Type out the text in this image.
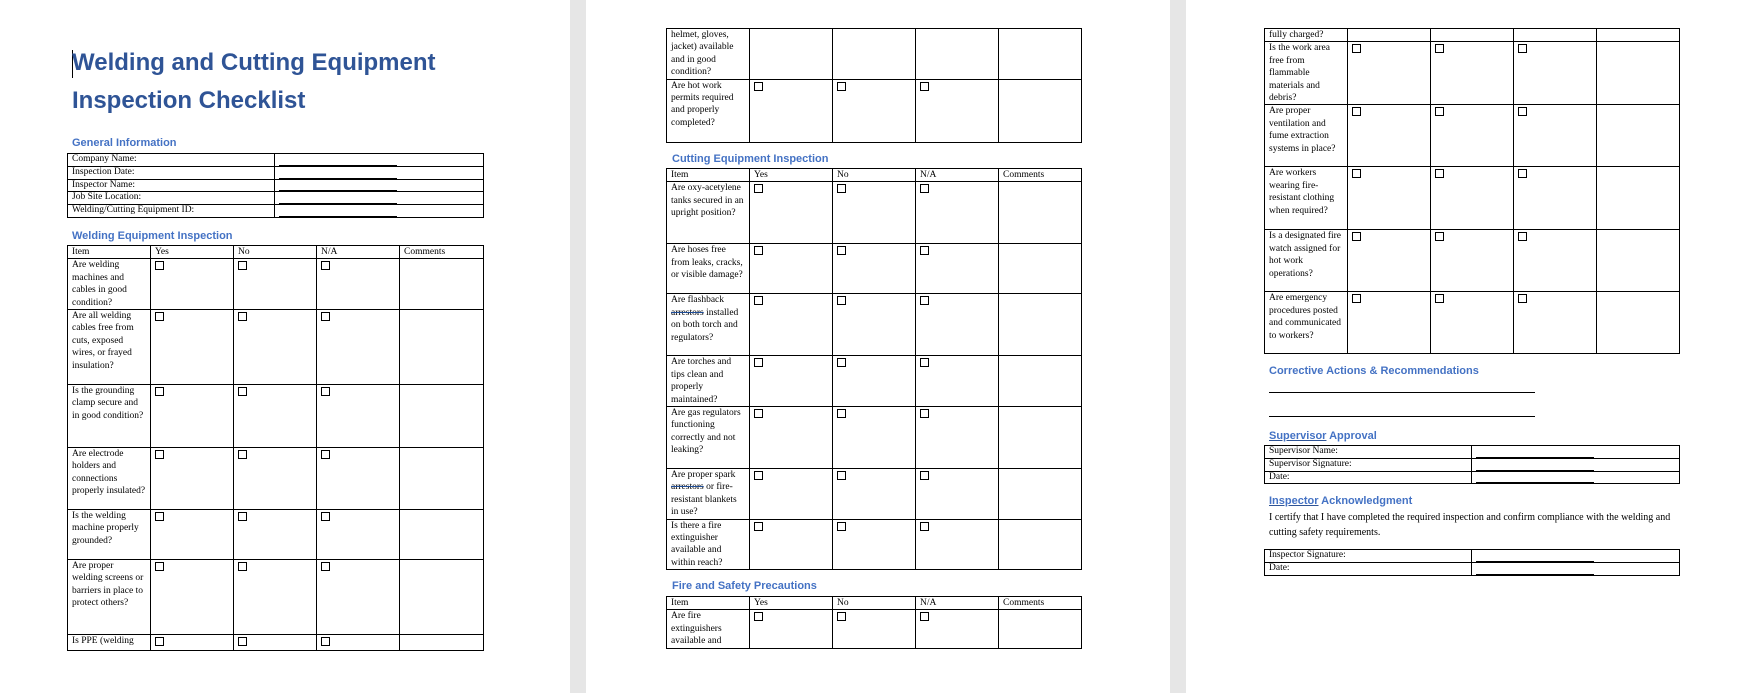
Welding and Cutting Equipment
Inspection Checklist
General Information
Company Name:	
Inspection Date:	
Inspector Name:	
Job Site Location:	
Welding/Cutting Equipment ID:	
Welding Equipment Inspection
Item	Yes	No	N/A	Comments
Are welding machines and cables in good condition?				
Are all welding cables free from cuts, exposed wires, or frayed insulation?				
Is the grounding clamp secure and in good condition?				
Are electrode holders and connections properly insulated?				
Is the welding machine properly grounded?				
Are proper welding screens or barriers in place to protect others?				
Is PPE (welding				
helmet, gloves, jacket) available and in good condition?				
Are hot work permits required and properly completed?				
Cutting Equipment Inspection
Item	Yes	No	N/A	Comments
Are oxy-acetylene tanks secured in an upright position?				
Are hoses free from leaks, cracks, or visible damage?				
Are flashback arrestors installed on both torch and regulators?				
Are torches and tips clean and properly maintained?				
Are gas regulators functioning correctly and not leaking?				
Are proper spark arrestors or fire-resistant blankets in use?				
Is there a fire extinguisher available and within reach?				
Fire and Safety Precautions
Item	Yes	No	N/A	Comments
Are fire extinguishers available and				
fully charged?				
Is the work area free from flammable materials and debris?				
Are proper ventilation and fume extraction systems in place?				
Are workers wearing fire-resistant clothing when required?				
Is a designated fire watch assigned for hot work operations?				
Are emergency procedures posted and communicated to workers?				
Corrective Actions & Recommendations
Supervisor Approval
Supervisor Name:	
Supervisor Signature:	
Date:	
Inspector Acknowledgment

I certify that I have completed the required inspection and confirm compliance with the welding and cutting safety requirements.

Inspector Signature:	
Date:	
